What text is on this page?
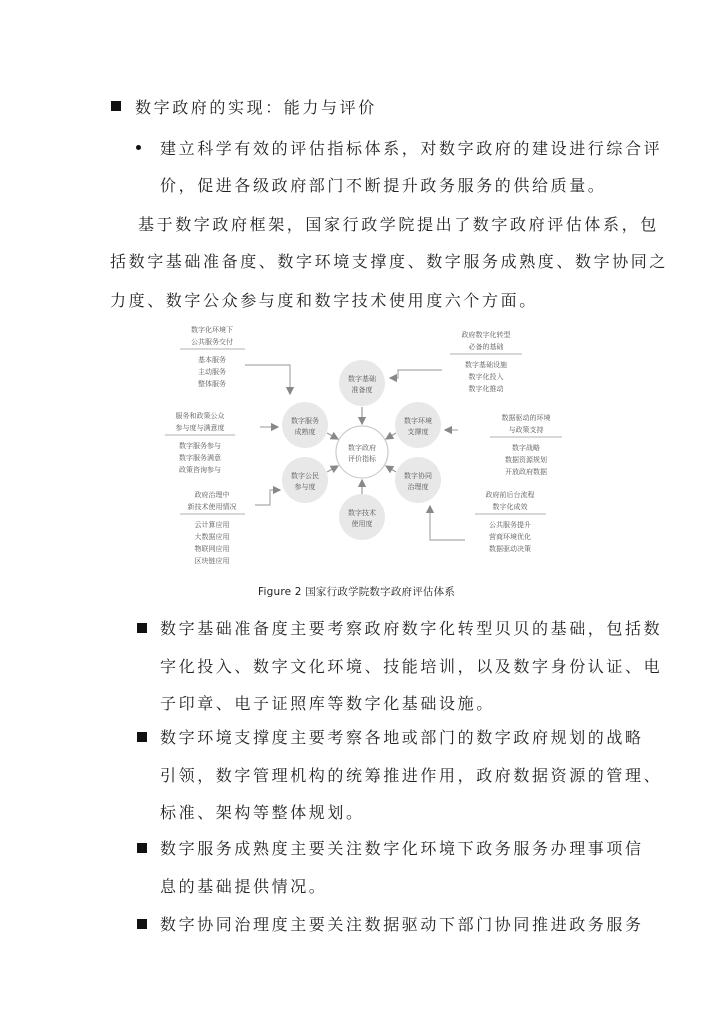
数字政府的实现：能力与评价
建立科学有效的评估指标体系，对数字政府的建设进行综合评
价，促进各级政府部门不断提升政务服务的供给质量。
基于数字政府框架，国家行政学院提出了数字政府评估体系，包
括数字基础准备度、数字环境支撑度、数字服务成熟度、数字协同之
力度、数字公众参与度和数字技术使用度六个方面。
数字基础
准备度
数字服务
成熟度
数字环境
支撑度
数字公民
参与度
数字协同
治理度
数字技术
使用度
数字政府
评价指标
数字化环境下
公共服务交付
基本服务
主动服务
整体服务
服务和政策公众
参与度与满意度
数字服务参与
数字服务满意
政策咨询参与
政府治理中
新技术使用情况
云计算应用
大数据应用
物联网应用
区块链应用
政府数字化转型
必备的基础
数字基础设施
数字化投入
数字化推动
数据驱动的环境
与政策支持
数字战略
数据资源规划
开放政府数据
政府前后台流程
数字化成效
公共服务提升
营商环境优化
数据驱动决策
Figure 2 国家行政学院数字政府评估体系
数字基础准备度主要考察政府数字化转型贝贝的基础，包括数
字化投入、数字文化环境、技能培训，以及数字身份认证、电
子印章、电子证照库等数字化基础设施。
数字环境支撑度主要考察各地或部门的数字政府规划的战略
引领，数字管理机构的统筹推进作用，政府数据资源的管理、
标准、架构等整体规划。
数字服务成熟度主要关注数字化环境下政务服务办理事项信
息的基础提供情况。
数字协同治理度主要关注数据驱动下部门协同推进政务服务
